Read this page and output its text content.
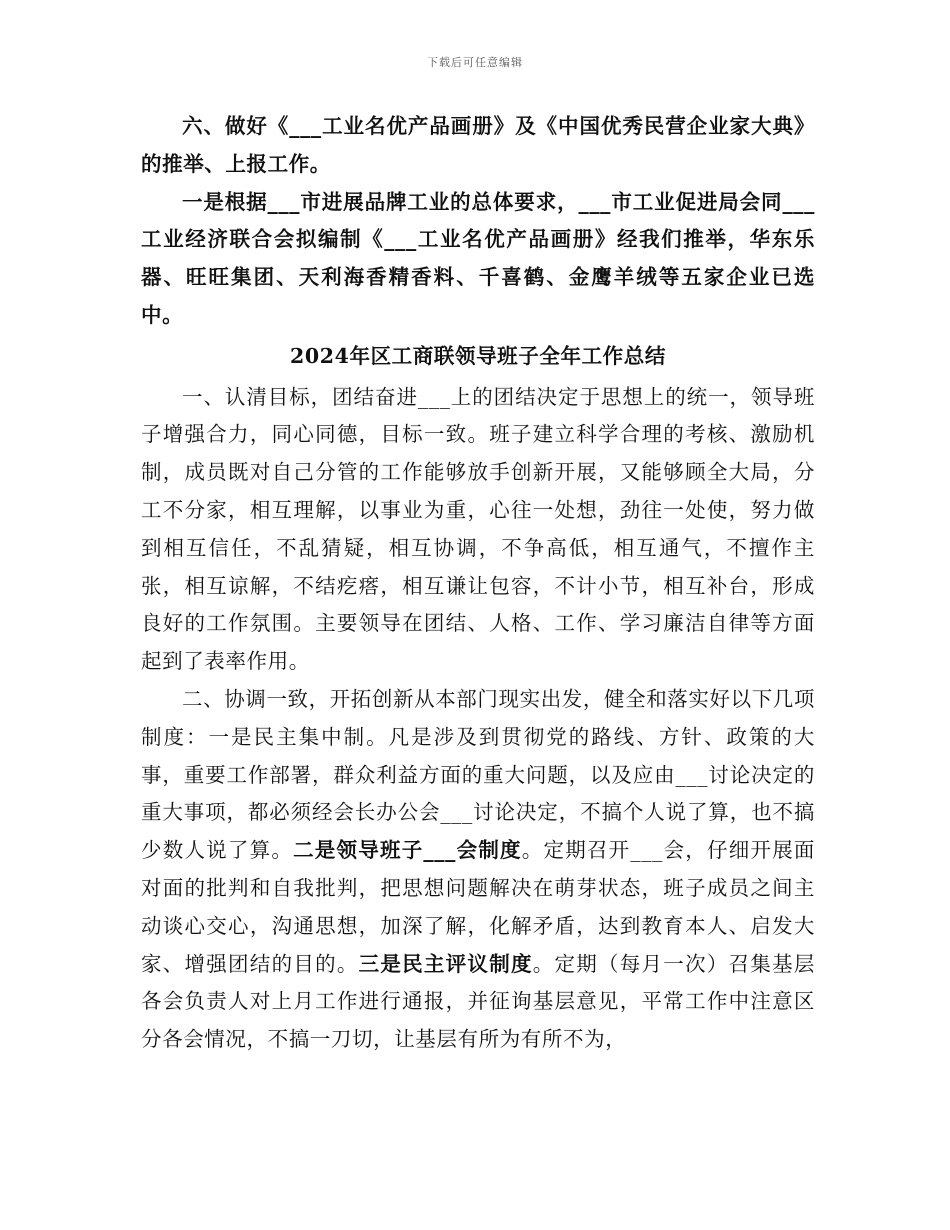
下载后可任意编辑

六、做好《___工业名优产品画册》及《中国优秀民营企业家大典》的推举、上报工作。

一是根据___市进展品牌工业的总体要求，___市工业促进局会同___工业经济联合会拟编制《___工业名优产品画册》经我们推举，华东乐器、旺旺集团、天利海香精香料、千喜鹤、金鹰羊绒等五家企业已选中。

2024年区工商联领导班子全年工作总结

一、认清目标，团结奋进___上的团结决定于思想上的统一，领导班子增强合力，同心同德，目标一致。班子建立科学合理的考核、激励机制，成员既对自己分管的工作能够放手创新开展，又能够顾全大局，分工不分家，相互理解，以事业为重，心往一处想，劲往一处使，努力做到相互信任，不乱猜疑，相互协调，不争高低，相互通气，不擅作主张，相互谅解，不结疙瘩，相互谦让包容，不计小节，相互补台，形成良好的工作氛围。主要领导在团结、人格、工作、学习廉洁自律等方面起到了表率作用。

二、协调一致，开拓创新从本部门现实出发，健全和落实好以下几项制度：一是民主集中制。凡是涉及到贯彻党的路线、方针、政策的大事，重要工作部署，群众利益方面的重大问题，以及应由___讨论决定的重大事项，都必须经会长办公会___讨论决定，不搞个人说了算，也不搞少数人说了算。二是领导班子___会制度。定期召开___会，仔细开展面对面的批判和自我批判，把思想问题解决在萌芽状态，班子成员之间主动谈心交心，沟通思想，加深了解，化解矛盾，达到教育本人、启发大家、增强团结的目的。三是民主评议制度。定期（每月一次）召集基层各会负责人对上月工作进行通报，并征询基层意见，平常工作中注意区分各会情况，不搞一刀切，让基层有所为有所不为，
